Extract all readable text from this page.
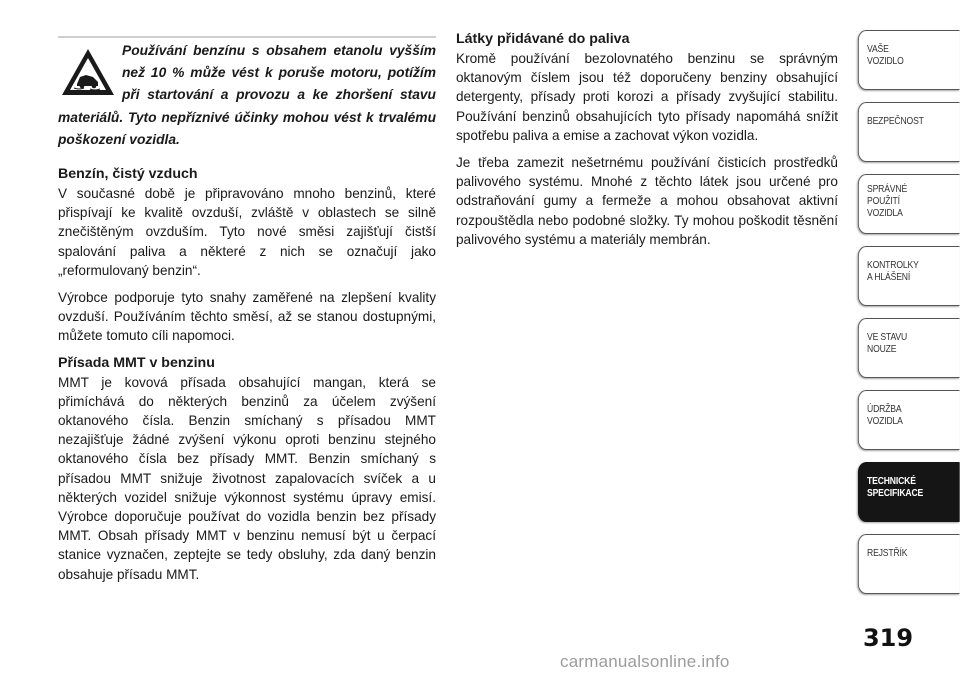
Používání benzínu s obsahem etanolu vyšším než 10 % může vést k poruše motoru, potížím při startování a provozu a ke zhoršení stavu materiálů. Tyto nepříznivé účinky mohou vést k trvalému poškození vozidla.

Benzín, čistý vzduch

V současné době je připravováno mnoho benzinů, které přispívají ke kvalitě ovzduší, zvláště v oblastech se silně znečištěným ovzduším. Tyto nové směsi zajišťují čistší spalování paliva a některé z nich se označují jako „reformulovaný benzin“.

Výrobce podporuje tyto snahy zaměřené na zlepšení kvality ovzduší. Používáním těchto směsí, až se stanou dostupnými, můžete tomuto cíli napomoci.

Přísada MMT v benzinu

MMT je kovová přísada obsahující mangan, která se přimíchává do některých benzinů za účelem zvýšení oktanového čísla. Benzin smíchaný s přísadou MMT nezajišťuje žádné zvýšení výkonu oproti benzinu stejného oktanového čísla bez přísady MMT. Benzin smíchaný s přísadou MMT snižuje životnost zapalovacích svíček a u některých vozidel snižuje výkonnost systému úpravy emisí. Výrobce doporučuje používat do vozidla benzin bez přísady MMT. Obsah přísady MMT v benzinu nemusí být u čerpací stanice vyznačen, zeptejte se tedy obsluhy, zda daný benzin obsahuje přísadu MMT.

Látky přidávané do paliva

Kromě používání bezolovnatého benzinu se správným oktanovým číslem jsou též doporučeny benziny obsahující detergenty, přísady proti korozi a přísady zvyšující stabilitu. Používání benzinů obsahujících tyto přísady napomáhá snížit spotřebu paliva a emise a zachovat výkon vozidla.

Je třeba zamezit nešetrnému používání čisticích prostředků palivového systému. Mnohé z těchto látek jsou určené pro odstraňování gumy a fermeže a mohou obsahovat aktivní rozpouštědla nebo podobné složky. Ty mohou poškodit těsnění palivového systému a materiály membrán.

VAŠE
VOZIDLO
BEZPEČNOST
SPRÁVNÉ
POUŽITÍ
VOZIDLA
KONTROLKY
A HLÁŠENÍ
VE STAVU
NOUZE
ÚDRŽBA
VOZIDLA
TECHNICKÉ
SPECIFIKACE
REJSTŘÍK
319
carmanualsonline.info
